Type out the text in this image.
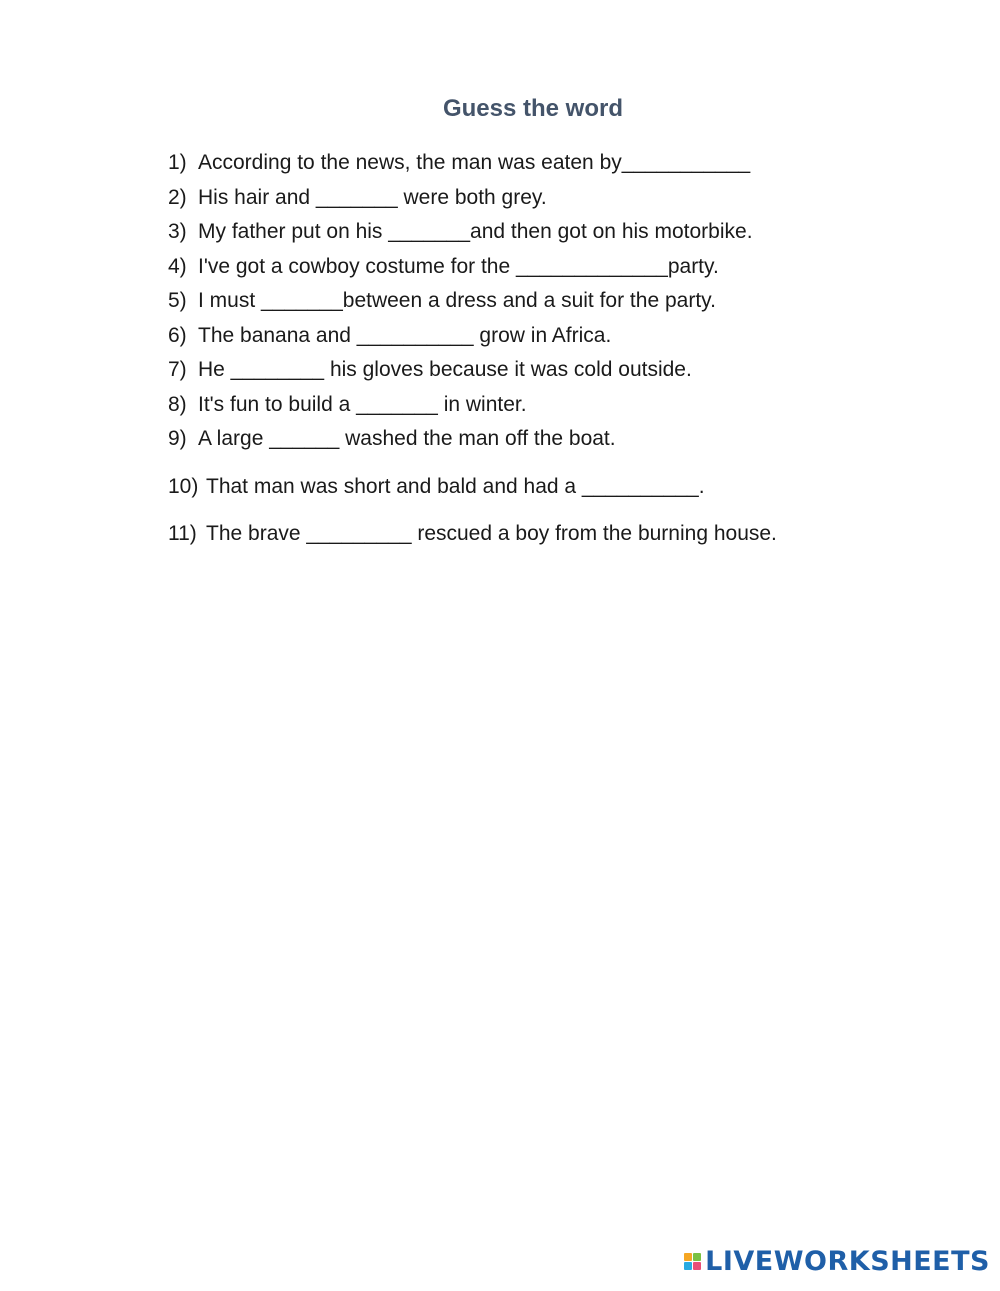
Guess the word
1) According to the news, the man was eaten by___________
2) His hair and _______ were both grey.
3) My father put on his _______and then got on his motorbike.
4) I've got a cowboy costume for the _____________party.
5) I must _______between a dress and a suit for the party.
6) The banana and __________ grow in Africa.
7) He ________ his gloves because it was cold outside.
8) It's fun to build a _______ in winter.
9) A large ______ washed the man off the boat.
10) That man was short and bald and had a __________.
11) The brave _________ rescued a boy from the burning house.
LIVEWORKSHEETS
